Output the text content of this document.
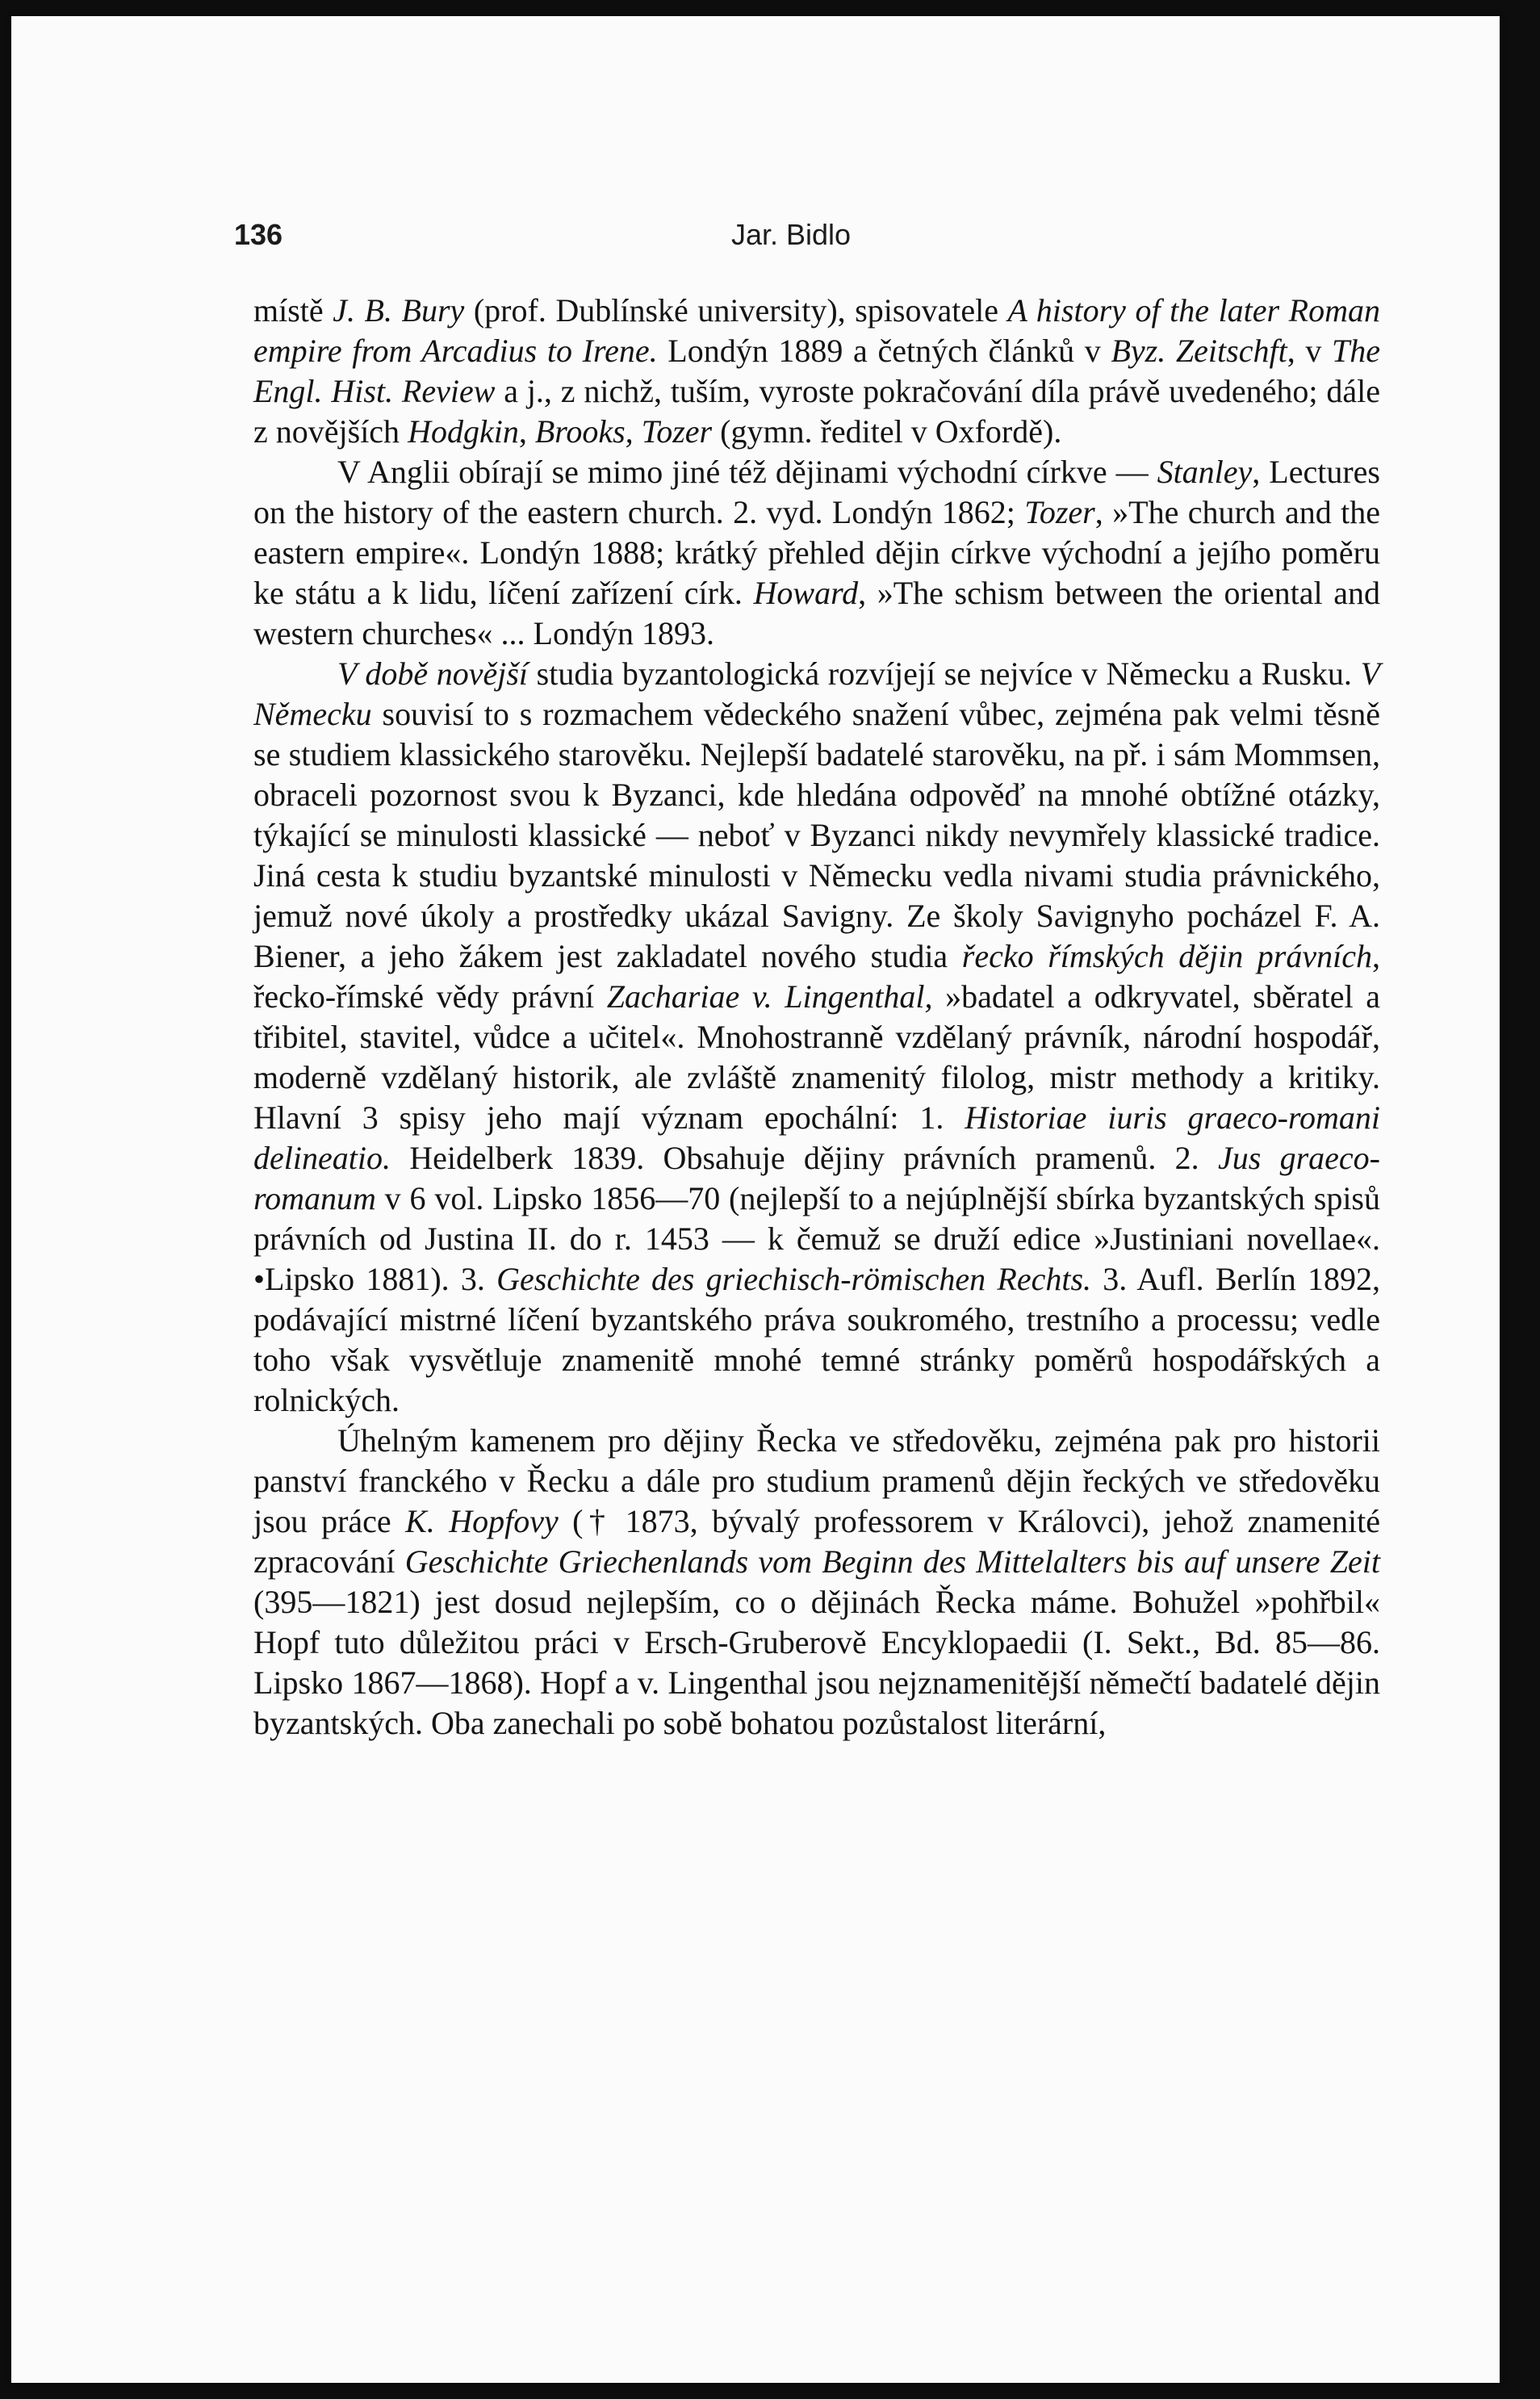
136	Jar. Bidlo

místě J. B. Bury (prof. Dublínské university), spisovatele A history of the later Roman empire from Arcadius to Irene. Londýn 1889 a četných článků v Byz. Zeitschft, v The Engl. Hist. Review a j., z nichž, tuším, vyroste pokračování díla právě uvedeného; dále z novějších Hodgkin, Brooks, Tozer (gymn. ředitel v Oxfordě).

V Anglii obírají se mimo jiné též dějinami východní církve — Stanley, Lectures on the history of the eastern church. 2. vyd. Londýn 1862; Tozer, »The church and the eastern empire«. Londýn 1888; krátký přehled dějin církve východní a jejího poměru ke státu a k lidu, líčení zařízení círk. Howard, »The schism between the oriental and western churches« ... Londýn 1893.

V době novější studia byzantologická rozvíjejí se nejvíce v Německu a Rusku. V Německu souvisí to s rozmachem vědeckého snažení vůbec, zejména pak velmi těsně se studiem klassického starověku. Nejlepší badatelé starověku, na př. i sám Mommsen, obraceli pozornost svou k Byzanci, kde hledána odpověď na mnohé obtížné otázky, týkající se minulosti klassické — neboť v Byzanci nikdy nevymřely klassické tradice. Jiná cesta k studiu byzantské minulosti v Německu vedla nivami studia právnického, jemuž nové úkoly a prostředky ukázal Savigny. Ze školy Savignyho pocházel F. A. Biener, a jeho žákem jest zakladatel nového studia řecko římských dějin právních, řecko-římské vědy právní Zachariae v. Lingenthal, »badatel a odkryvatel, sběratel a třibitel, stavitel, vůdce a učitel«. Mnohostranně vzdělaný právník, národní hospodář, moderně vzdělaný historik, ale zvláště znamenitý filolog, mistr methody a kritiky. Hlavní 3 spisy jeho mají význam epochální: 1. Historiae iuris graeco-romani delineatio. Heidelberk 1839. Obsahuje dějiny právních pramenů. 2. Jus graeco-romanum v 6 vol. Lipsko 1856—70 (nejlepší to a nejúplnější sbírka byzantských spisů právních od Justina II. do r. 1453 — k čemuž se druží edice »Justiniani novellae«. •Lipsko 1881). 3. Geschichte des griechisch-römischen Rechts. 3. Aufl. Berlín 1892, podávající mistrné líčení byzantského práva soukromého, trestního a processu; vedle toho však vysvětluje znamenitě mnohé temné stránky poměrů hospodářských a rolnických.

Úhelným kamenem pro dějiny Řecka ve středověku, zejména pak pro historii panství franckého v Řecku a dále pro studium pramenů dějin řeckých ve středověku jsou práce K. Hopfovy († 1873, bývalý professorem v Královci), jehož znamenité zpracování Geschichte Griechenlands vom Beginn des Mittelalters bis auf unsere Zeit (395—1821) jest dosud nejlepším, co o dějinách Řecka máme. Bohužel »pohřbil« Hopf tuto důležitou práci v Ersch-Gruberově Encyklopaedii (I. Sekt., Bd. 85—86. Lipsko 1867—1868). Hopf a v. Lingenthal jsou nejznamenitější němečtí badatelé dějin byzantských. Oba zanechali po sobě bohatou pozůstalost literární,
